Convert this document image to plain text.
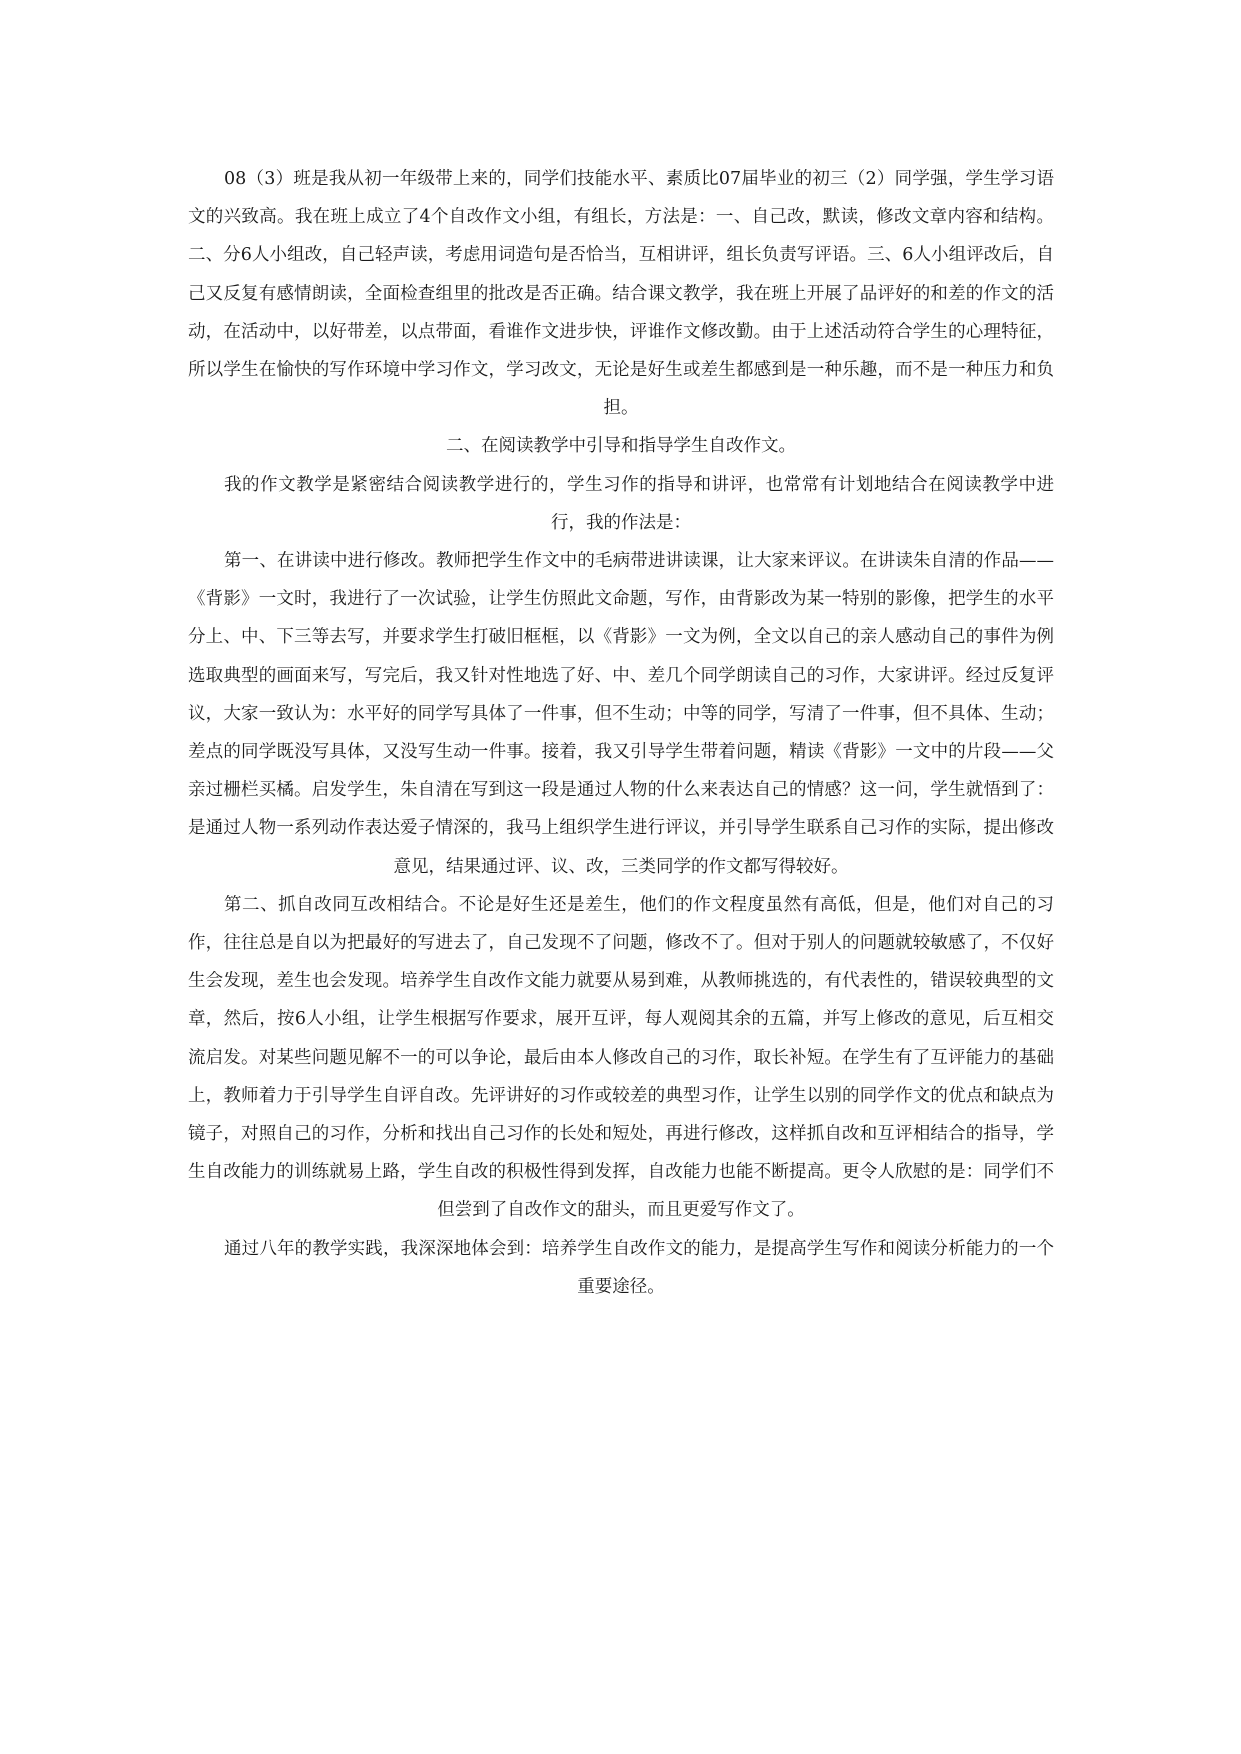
08（3）班是我从初一年级带上来的，同学们技能水平、素质比07届毕业的初三（2）同学强，学生学习语文的兴致高。我在班上成立了4个自改作文小组，有组长，方法是：一、自己改，默读，修改文章内容和结构。二、分6人小组改，自己轻声读，考虑用词造句是否恰当，互相讲评，组长负责写评语。三、6人小组评改后，自己又反复有感情朗读，全面检查组里的批改是否正确。结合课文教学，我在班上开展了品评好的和差的作文的活动，在活动中，以好带差，以点带面，看谁作文进步快，评谁作文修改勤。由于上述活动符合学生的心理特征，所以学生在愉快的写作环境中学习作文，学习改文，无论是好生或差生都感到是一种乐趣，而不是一种压力和负担。

二、在阅读教学中引导和指导学生自改作文。

我的作文教学是紧密结合阅读教学进行的，学生习作的指导和讲评，也常常有计划地结合在阅读教学中进行，我的作法是：

第一、在讲读中进行修改。教师把学生作文中的毛病带进讲读课，让大家来评议。在讲读朱自清的作品——《背影》一文时，我进行了一次试验，让学生仿照此文命题，写作，由背影改为某一特别的影像，把学生的水平分上、中、下三等去写，并要求学生打破旧框框，以《背影》一文为例，全文以自己的亲人感动自己的事件为例选取典型的画面来写，写完后，我又针对性地选了好、中、差几个同学朗读自己的习作，大家讲评。经过反复评议，大家一致认为：水平好的同学写具体了一件事，但不生动；中等的同学，写清了一件事，但不具体、生动；差点的同学既没写具体，又没写生动一件事。接着，我又引导学生带着问题，精读《背影》一文中的片段——父亲过栅栏买橘。启发学生，朱自清在写到这一段是通过人物的什么来表达自己的情感？这一问，学生就悟到了：是通过人物一系列动作表达爱子情深的，我马上组织学生进行评议，并引导学生联系自己习作的实际，提出修改意见，结果通过评、议、改，三类同学的作文都写得较好。

第二、抓自改同互改相结合。不论是好生还是差生，他们的作文程度虽然有高低，但是，他们对自己的习作，往往总是自以为把最好的写进去了，自己发现不了问题，修改不了。但对于别人的问题就较敏感了，不仅好生会发现，差生也会发现。培养学生自改作文能力就要从易到难，从教师挑选的，有代表性的，错误较典型的文章，然后，按6人小组，让学生根据写作要求，展开互评，每人观阅其余的五篇，并写上修改的意见，后互相交流启发。对某些问题见解不一的可以争论，最后由本人修改自己的习作，取长补短。在学生有了互评能力的基础上，教师着力于引导学生自评自改。先评讲好的习作或较差的典型习作，让学生以别的同学作文的优点和缺点为镜子，对照自己的习作，分析和找出自己习作的长处和短处，再进行修改，这样抓自改和互评相结合的指导，学生自改能力的训练就易上路，学生自改的积极性得到发挥，自改能力也能不断提高。更令人欣慰的是：同学们不但尝到了自改作文的甜头，而且更爱写作文了。

通过八年的教学实践，我深深地体会到：培养学生自改作文的能力，是提高学生写作和阅读分析能力的一个重要途径。
